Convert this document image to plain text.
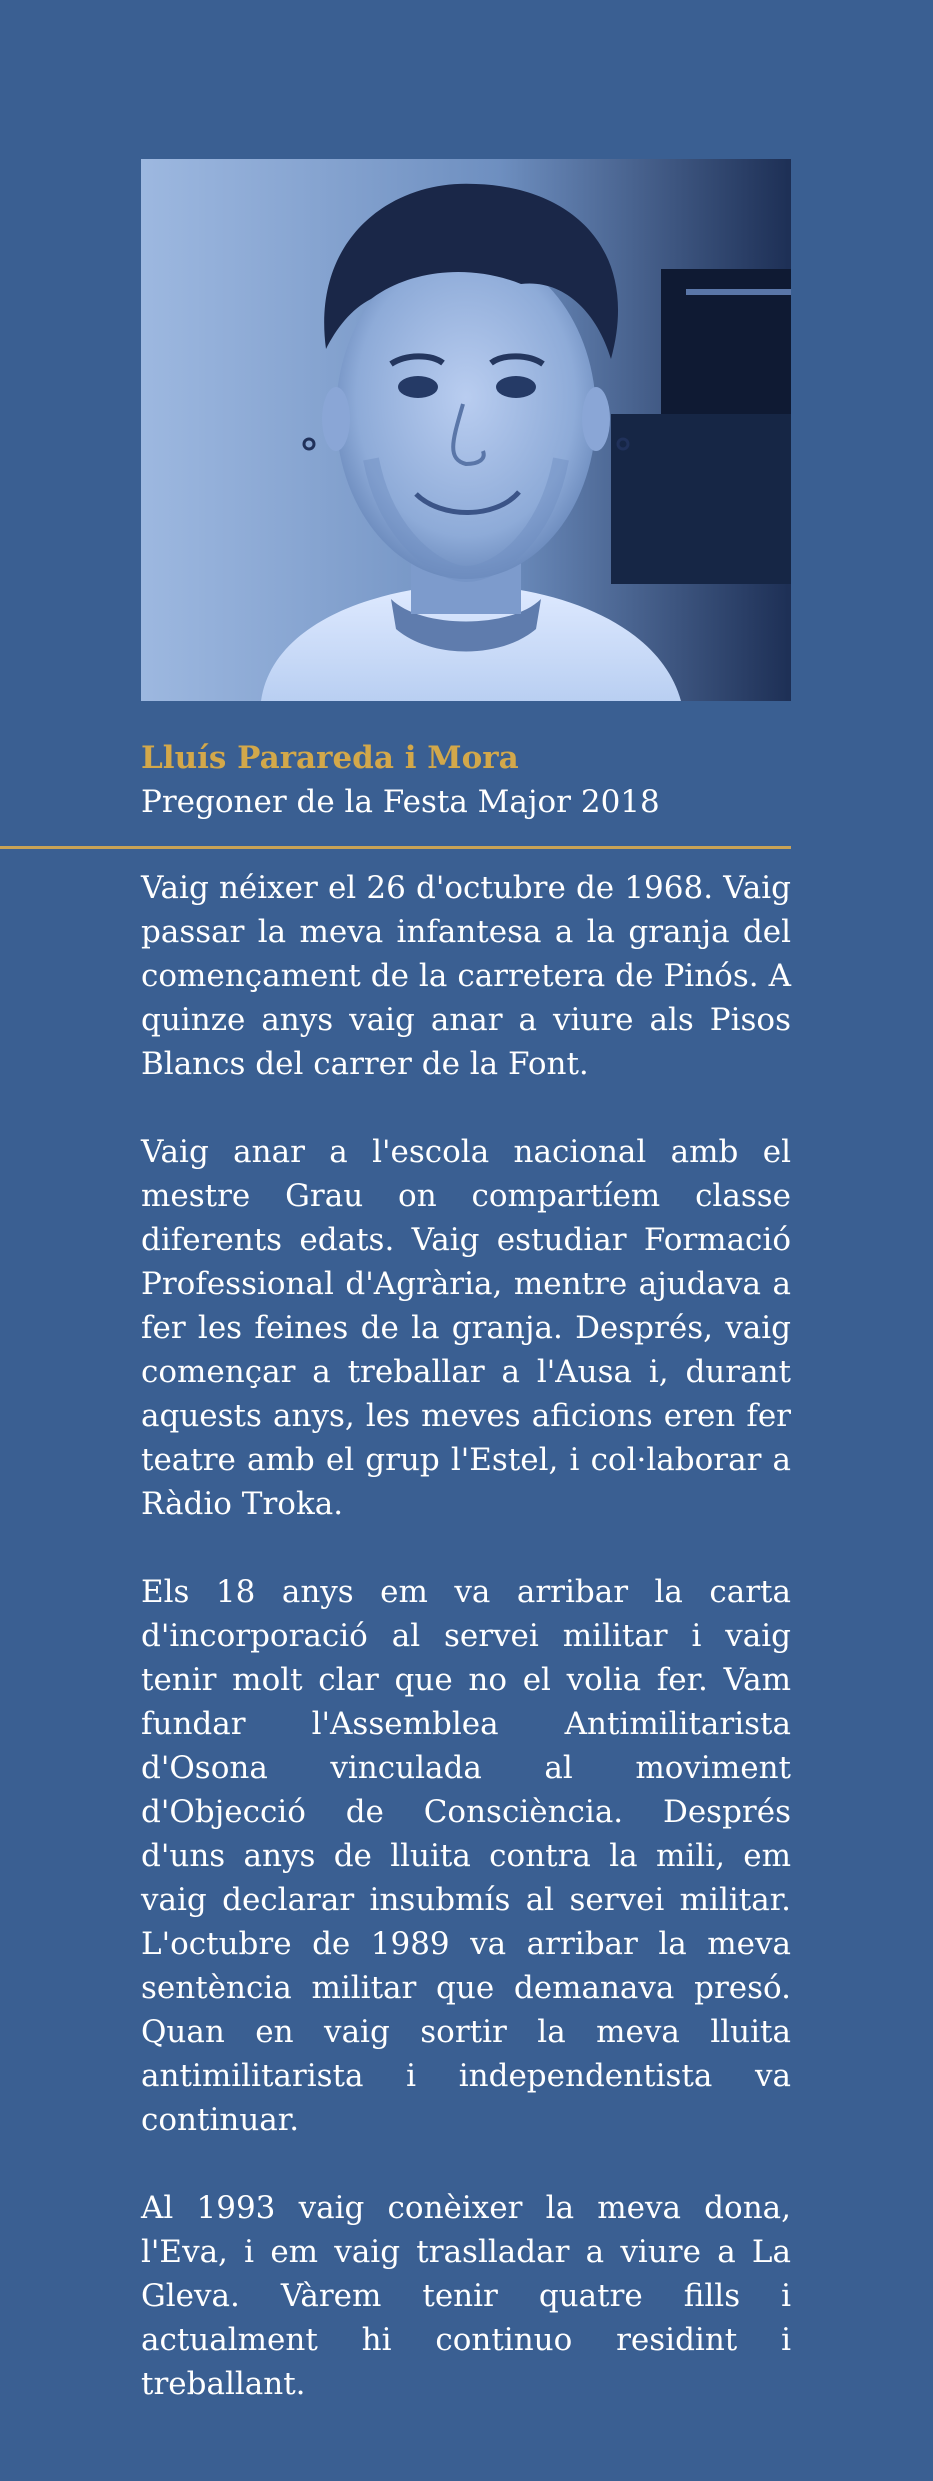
Lluís Parareda i Mora
Pregoner de la Festa Major 2018

Vaig néixer el 26 d'octubre de 1968. Vaig passar la meva infantesa a la granja del començament de la carretera de Pinós. A quinze anys vaig anar a viure als Pisos Blancs del carrer de la Font.

Vaig anar a l'escola nacional amb el mestre Grau on compartíem classe diferents edats. Vaig estudiar Formació Professional d'Agrària, mentre ajudava a fer les feines de la granja. Després, vaig començar a treballar a l'Ausa i, durant aquests anys, les meves aficions eren fer teatre amb el grup l'Estel, i col·laborar a Ràdio Troka.

Els 18 anys em va arribar la carta d'incorporació al servei militar i vaig tenir molt clar que no el volia fer. Vam fundar l'Assemblea Antimilitarista d'Osona vinculada al moviment d'Objecció de Consciència. Després d'uns anys de lluita contra la mili, em vaig declarar insubmís al servei militar. L'octubre de 1989 va arribar la meva sentència militar que demanava presó. Quan en vaig sortir la meva lluita antimilitarista i independentista va continuar.

Al 1993 vaig conèixer la meva dona, l'Eva, i em vaig traslladar a viure a La Gleva. Vàrem tenir quatre fills i actualment hi continuo residint i treballant.
